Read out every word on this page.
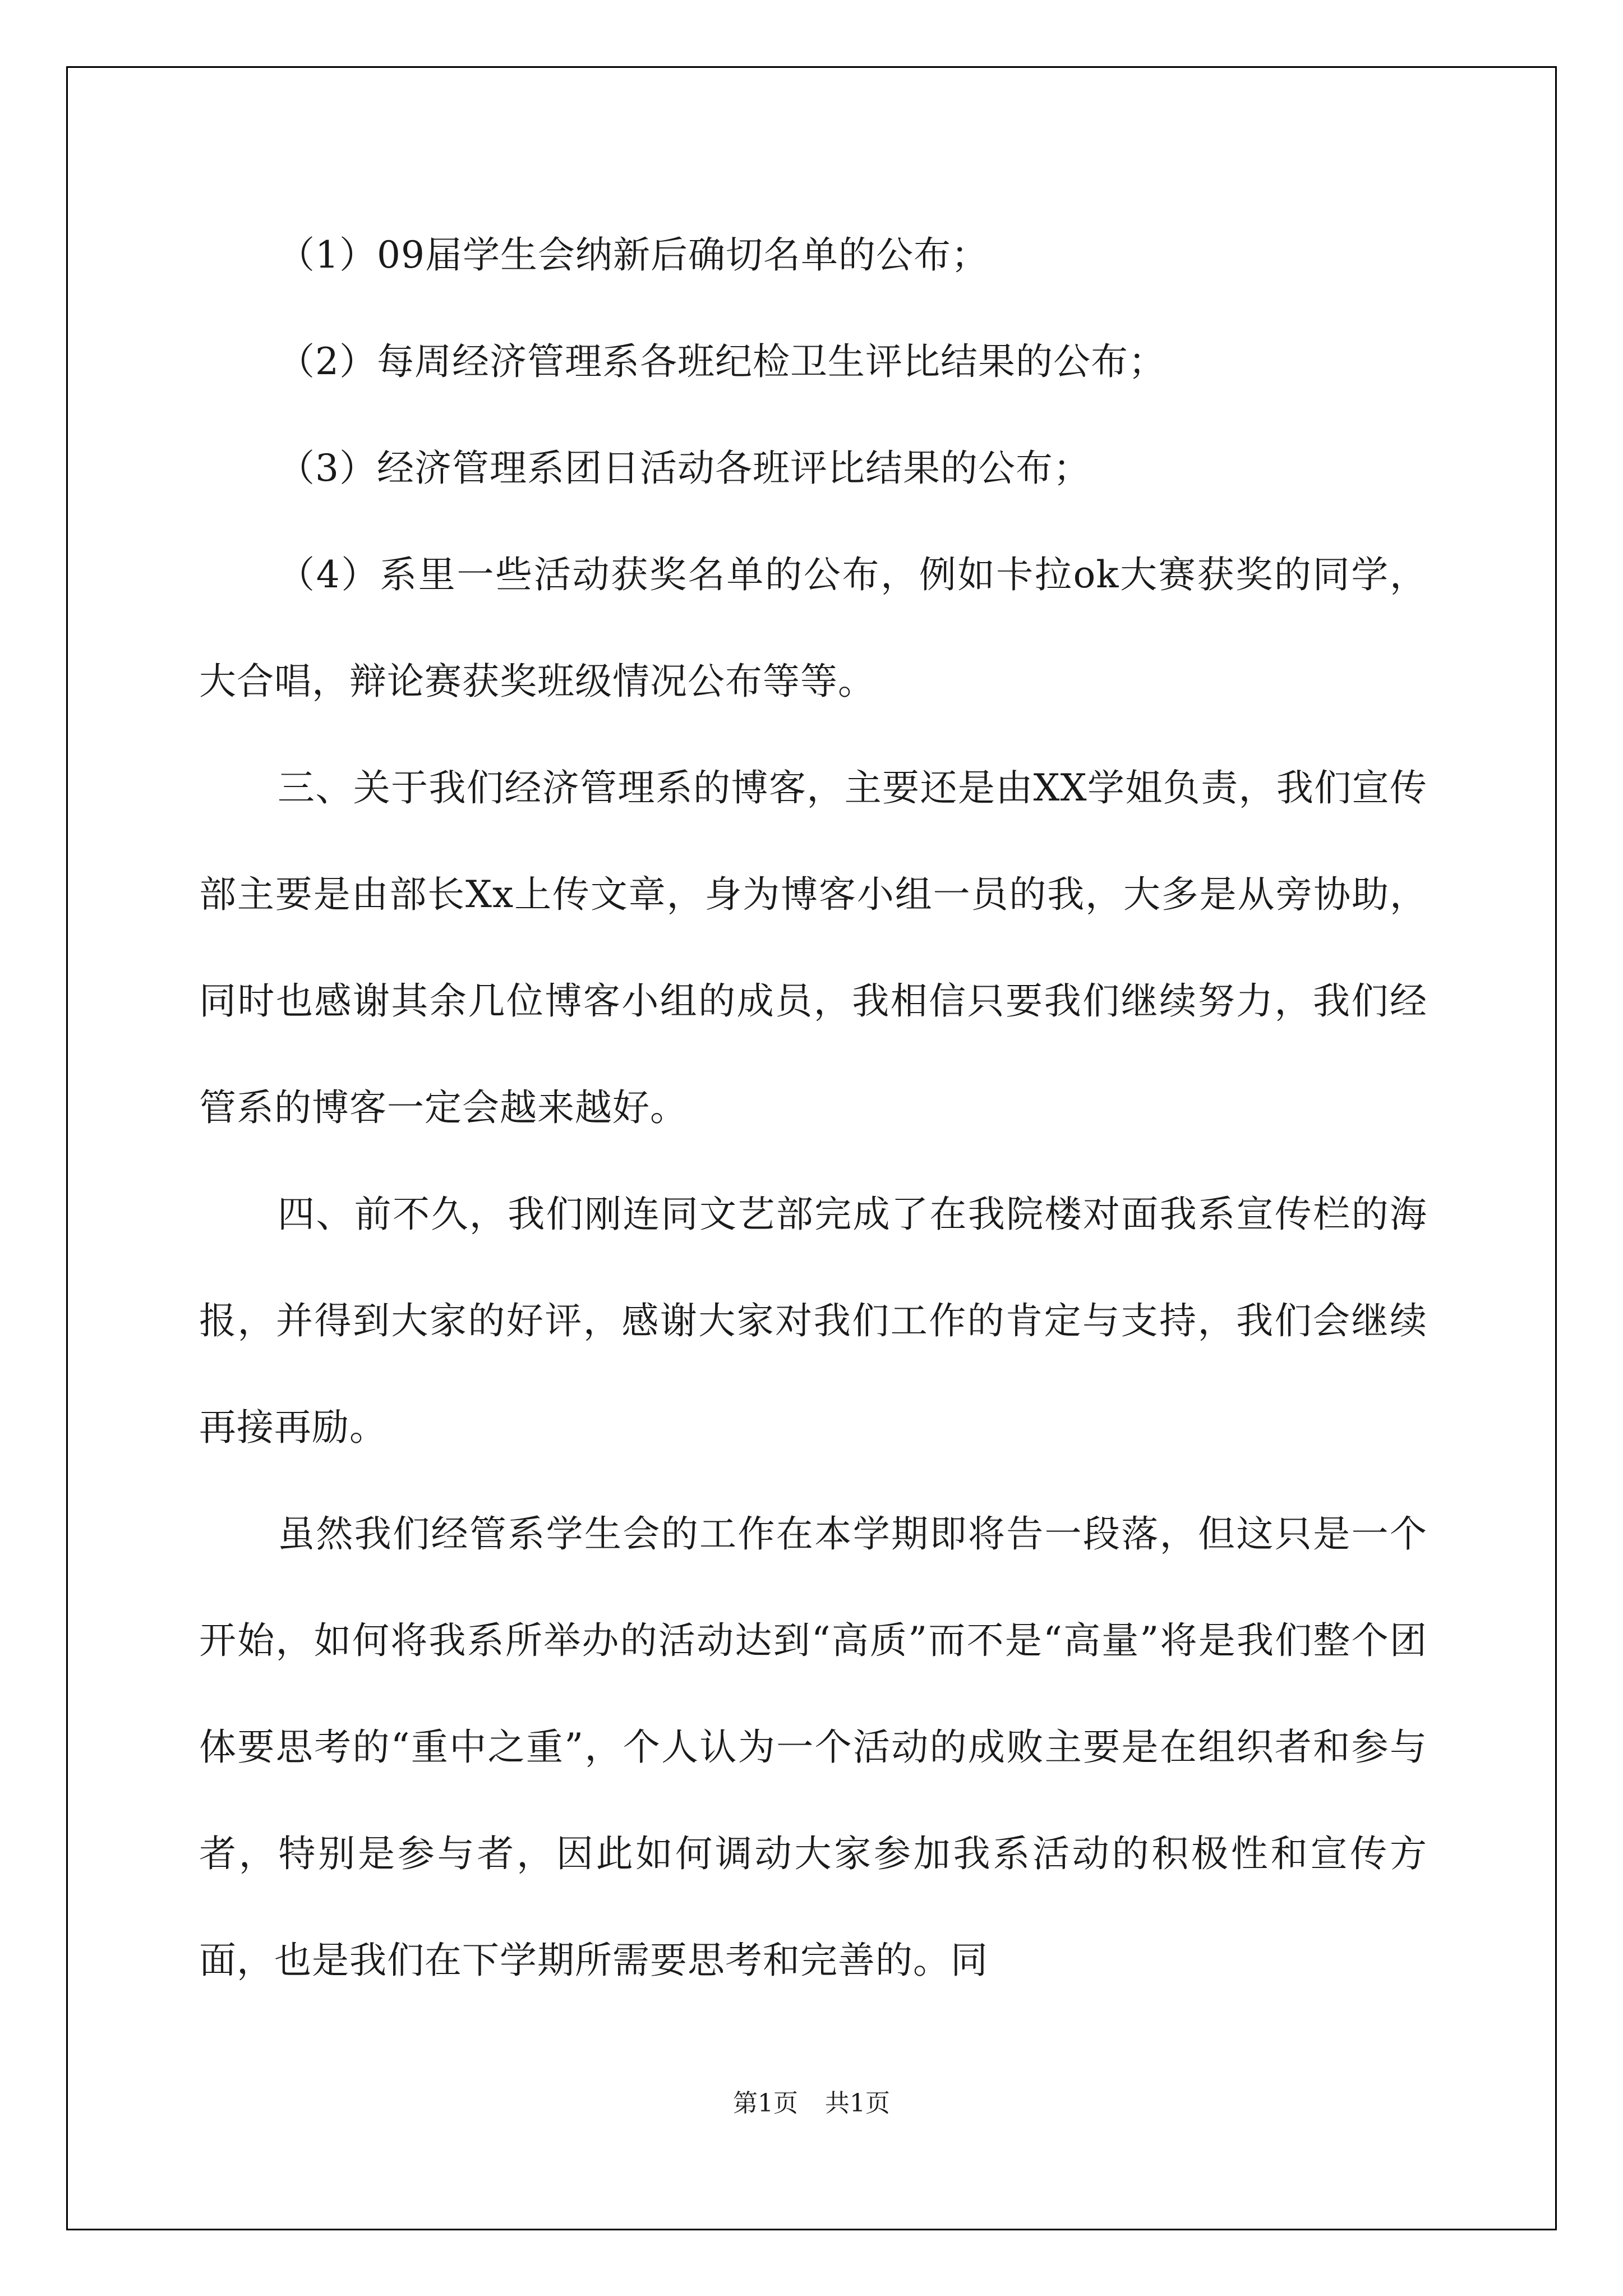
（1）09届学生会纳新后确切名单的公布；

（2）每周经济管理系各班纪检卫生评比结果的公布；

（3）经济管理系团日活动各班评比结果的公布；

（4）系里一些活动获奖名单的公布，例如卡拉ok大赛获奖的同学，大合唱，辩论赛获奖班级情况公布等等。

三、关于我们经济管理系的博客，主要还是由XX学姐负责，我们宣传部主要是由部长Xx上传文章，身为博客小组一员的我，大多是从旁协助，同时也感谢其余几位博客小组的成员，我相信只要我们继续努力，我们经管系的博客一定会越来越好。

四、前不久，我们刚连同文艺部完成了在我院楼对面我系宣传栏的海报，并得到大家的好评，感谢大家对我们工作的肯定与支持，我们会继续再接再励。

虽然我们经管系学生会的工作在本学期即将告一段落，但这只是一个开始，如何将我系所举办的活动达到“高质”而不是“高量”将是我们整个团体要思考的“重中之重”，个人认为一个活动的成败主要是在组织者和参与者，特别是参与者，因此如何调动大家参加我系活动的积极性和宣传方面，也是我们在下学期所需要思考和完善的。同

第1页 共1页
